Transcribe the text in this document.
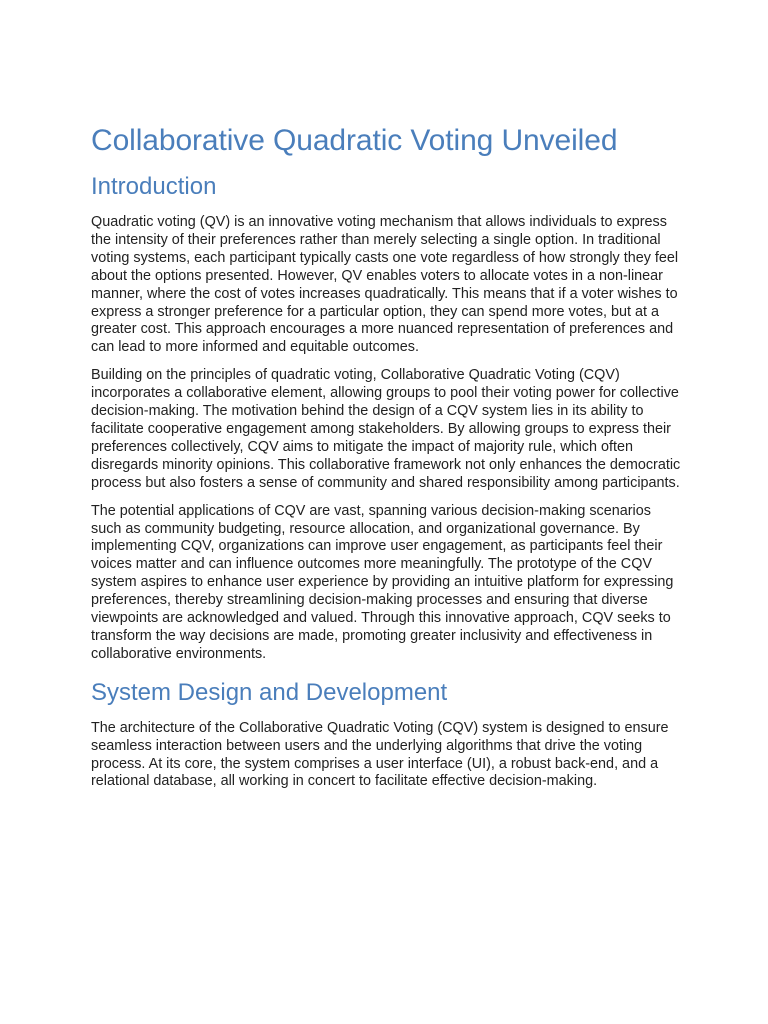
Collaborative Quadratic Voting Unveiled
Introduction

Quadratic voting (QV) is an innovative voting mechanism that allows individuals to express the intensity of their preferences rather than merely selecting a single option. In traditional voting systems, each participant typically casts one vote regardless of how strongly they feel about the options presented. However, QV enables voters to allocate votes in a non-linear manner, where the cost of votes increases quadratically. This means that if a voter wishes to express a stronger preference for a particular option, they can spend more votes, but at a greater cost. This approach encourages a more nuanced representation of preferences and can lead to more informed and equitable outcomes.

Building on the principles of quadratic voting, Collaborative Quadratic Voting (CQV) incorporates a collaborative element, allowing groups to pool their voting power for collective decision-making. The motivation behind the design of a CQV system lies in its ability to facilitate cooperative engagement among stakeholders. By allowing groups to express their preferences collectively, CQV aims to mitigate the impact of majority rule, which often disregards minority opinions. This collaborative framework not only enhances the democratic process but also fosters a sense of community and shared responsibility among participants.

The potential applications of CQV are vast, spanning various decision-making scenarios such as community budgeting, resource allocation, and organizational governance. By implementing CQV, organizations can improve user engagement, as participants feel their voices matter and can influence outcomes more meaningfully. The prototype of the CQV system aspires to enhance user experience by providing an intuitive platform for expressing preferences, thereby streamlining decision-making processes and ensuring that diverse viewpoints are acknowledged and valued. Through this innovative approach, CQV seeks to transform the way decisions are made, promoting greater inclusivity and effectiveness in collaborative environments.

System Design and Development

The architecture of the Collaborative Quadratic Voting (CQV) system is designed to ensure seamless interaction between users and the underlying algorithms that drive the voting process. At its core, the system comprises a user interface (UI), a robust back-end, and a relational database, all working in concert to facilitate effective decision-making.
